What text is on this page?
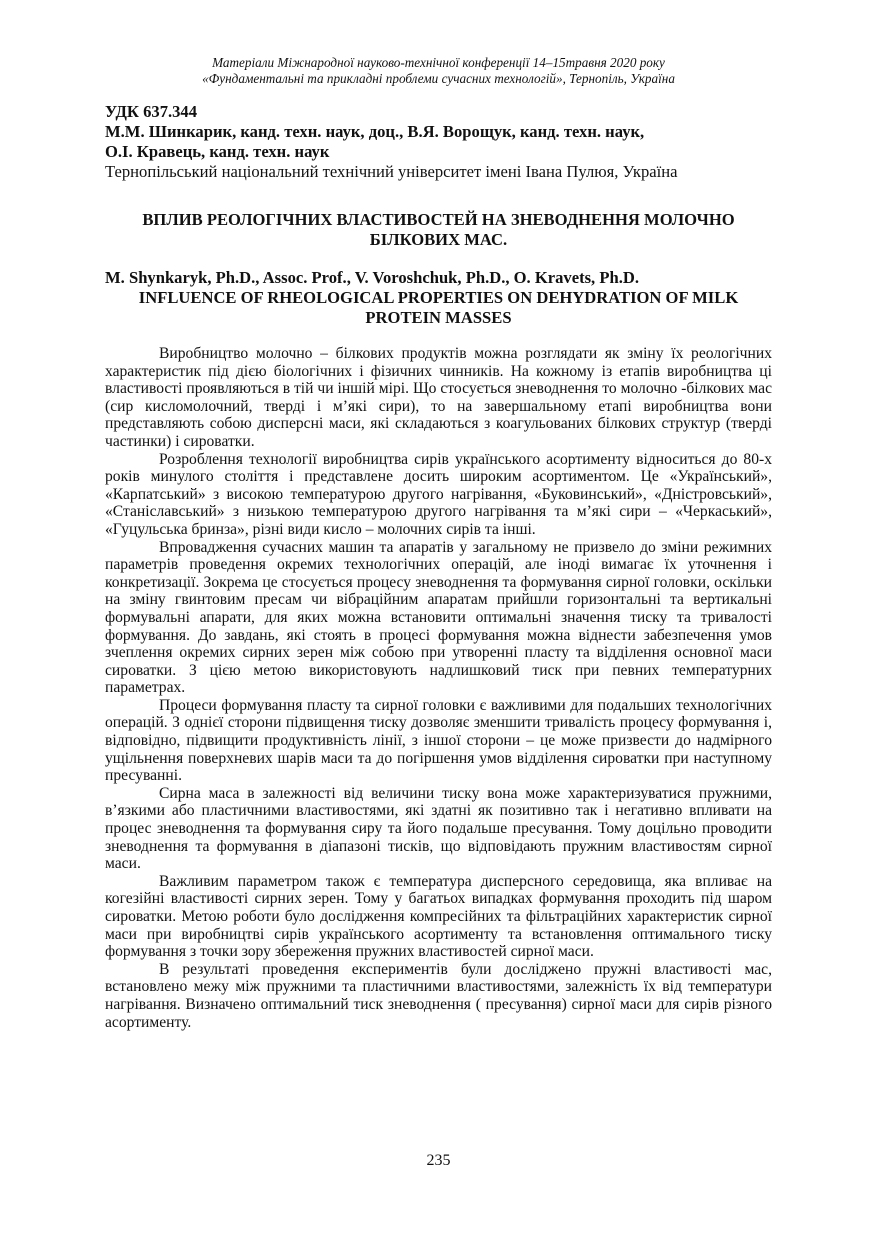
Матеріали Міжнародної науково-технічної конференції 14–15травня 2020 року
«Фундаментальні та прикладні проблеми сучасних технологій», Тернопіль, Україна
УДК 637.344
М.М. Шинкарик, канд. техн. наук, доц., В.Я. Ворощук, канд. техн. наук,
О.І. Кравець, канд. техн. наук
Тернопільський національний технічний університет імені Івана Пулюя, Україна
ВПЛИВ РЕОЛОГІЧНИХ ВЛАСТИВОСТЕЙ НА ЗНЕВОДНЕННЯ МОЛОЧНО БІЛКОВИХ МАС.
M. Shynkaryk, Ph.D., Assoc. Prof., V. Voroshchuk, Ph.D., O. Kravets, Ph.D.
INFLUENCE OF RHEOLOGICAL PROPERTIES ON DEHYDRATION OF MILK PROTEIN MASSES

Виробництво молочно – білкових продуктів можна розглядати як зміну їх реологічних характеристик під дією біологічних і фізичних чинників. На кожному із етапів виробництва ці властивості проявляються в тій чи іншій мірі. Що стосується зневоднення то молочно -білкових мас (сир кисломолочний, тверді і м’які сири), то на завершальному етапі виробництва вони представляють собою дисперсні маси, які складаються з коагульованих білкових структур (тверді частинки) і сироватки.

Розроблення технології виробництва сирів українського асортименту відноситься до 80-х років минулого століття і представлене досить широким асортиментом. Це «Український», «Карпатський» з високою температурою другого нагрівання, «Буковинський», «Дністровський», «Станіславський» з низькою температурою другого нагрівання та м’які сири – «Черкаський», «Гуцульська бринза», різні види кисло – молочних сирів та інші.

Впровадження сучасних машин та апаратів у загальному не призвело до зміни режимних параметрів проведення окремих технологічних операцій, але іноді вимагає їх уточнення і конкретизації. Зокрема це стосується процесу зневоднення та формування сирної головки, оскільки на зміну гвинтовим пресам чи вібраційним апаратам прийшли горизонтальні та вертикальні формувальні апарати, для яких можна встановити оптимальні значення тиску та тривалості формування. До завдань, які стоять в процесі формування можна віднести забезпечення умов зчеплення окремих сирних зерен між собою при утворенні пласту та відділення основної маси сироватки. З цією метою використовують надлишковий тиск при певних температурних параметрах.

Процеси формування пласту та сирної головки є важливими для подальших технологічних операцій. З однієї сторони підвищення тиску дозволяє зменшити тривалість процесу формування і, відповідно, підвищити продуктивність лінії, з іншої сторони – це може призвести до надмірного ущільнення поверхневих шарів маси та до погіршення умов відділення сироватки при наступному пресуванні.

Сирна маса в залежності від величини тиску вона може характеризуватися пружними, в’язкими або пластичними властивостями, які здатні як позитивно так і негативно впливати на процес зневоднення та формування сиру та його подальше пресування. Тому доцільно проводити зневоднення та формування в діапазоні тисків, що відповідають пружним властивостям сирної маси.

Важливим параметром також є температура дисперсного середовища, яка впливає на когезійні властивості сирних зерен. Тому у багатьох випадках формування проходить під шаром сироватки. Метою роботи було дослідження компресійних та фільтраційних характеристик сирної маси при виробництві сирів українського асортименту та встановлення оптимального тиску формування з точки зору збереження пружних властивостей сирної маси.

В результаті проведення експериментів були досліджено пружні властивості мас, встановлено межу між пружними та пластичними властивостями, залежність їх від температури нагрівання. Визначено оптимальний тиск зневоднення ( пресування) сирної маси для сирів різного асортименту.

235
